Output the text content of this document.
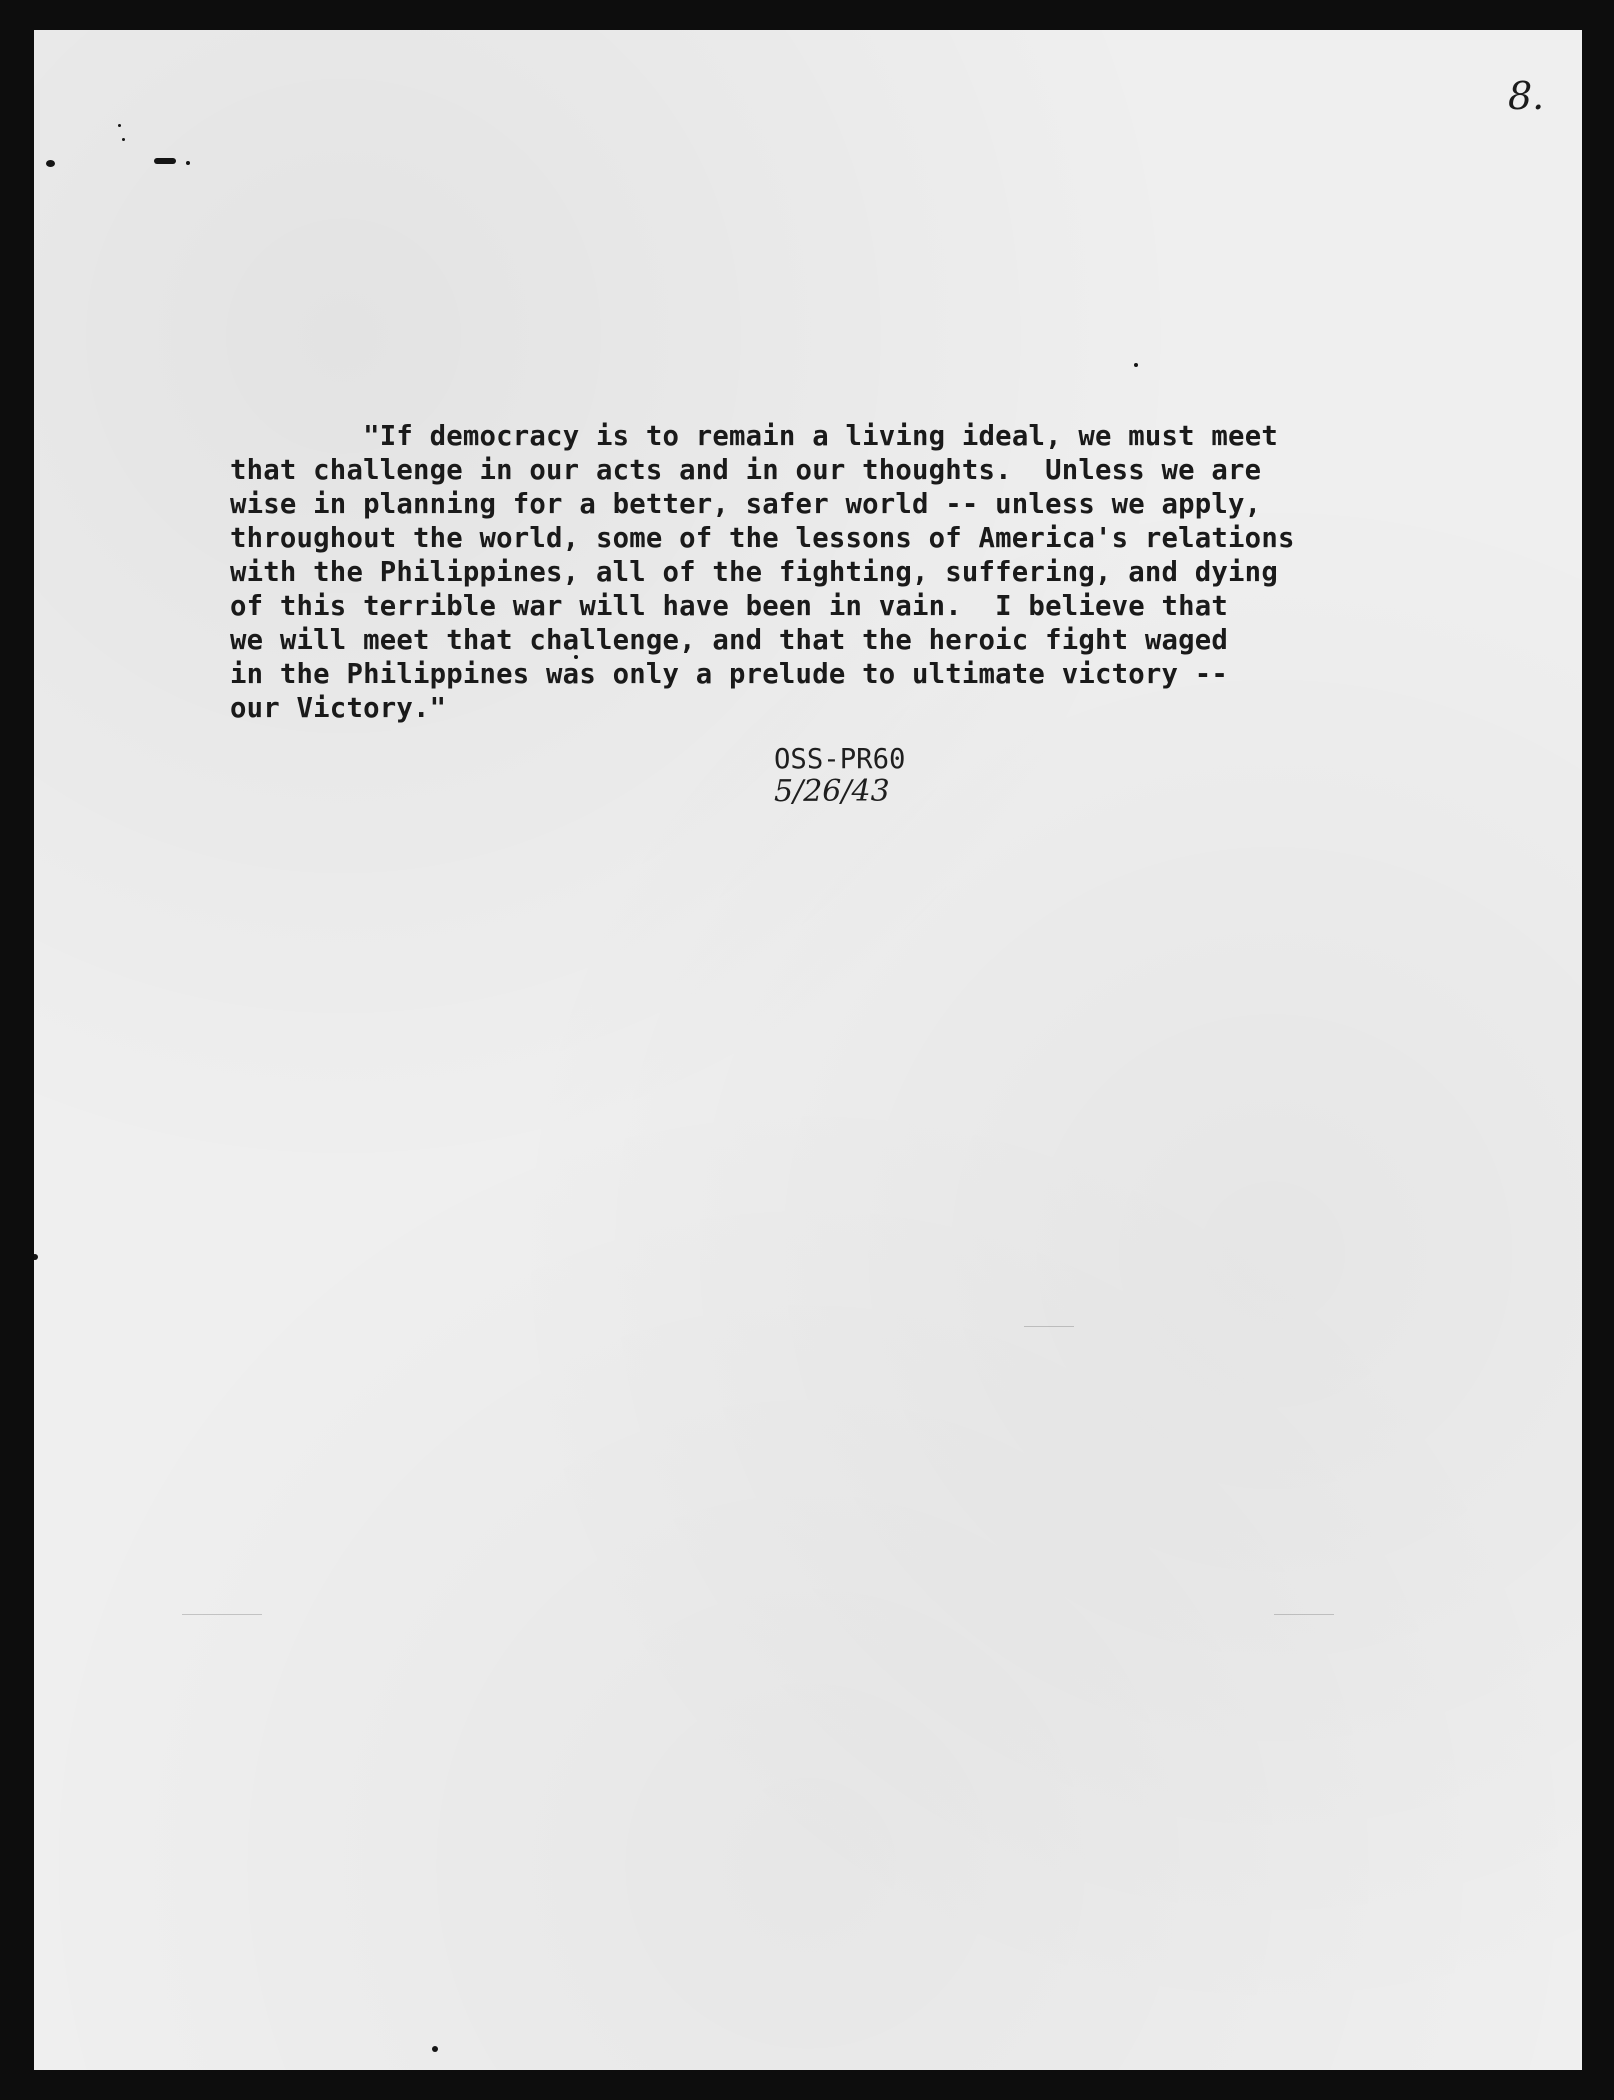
8.

"If democracy is to remain a living ideal, we must meet
that challenge in our acts and in our thoughts.  Unless we are
wise in planning for a better, safer world -- unless we apply,
throughout the world, some of the lessons of America's relations
with the Philippines, all of the fighting, suffering, and dying
of this terrible war will have been in vain.  I believe that
we will meet that challenge, and that the heroic fight waged
in the Philippines was only a prelude to ultimate victory --
our Victory."

OSS-PR60
5/26/43
